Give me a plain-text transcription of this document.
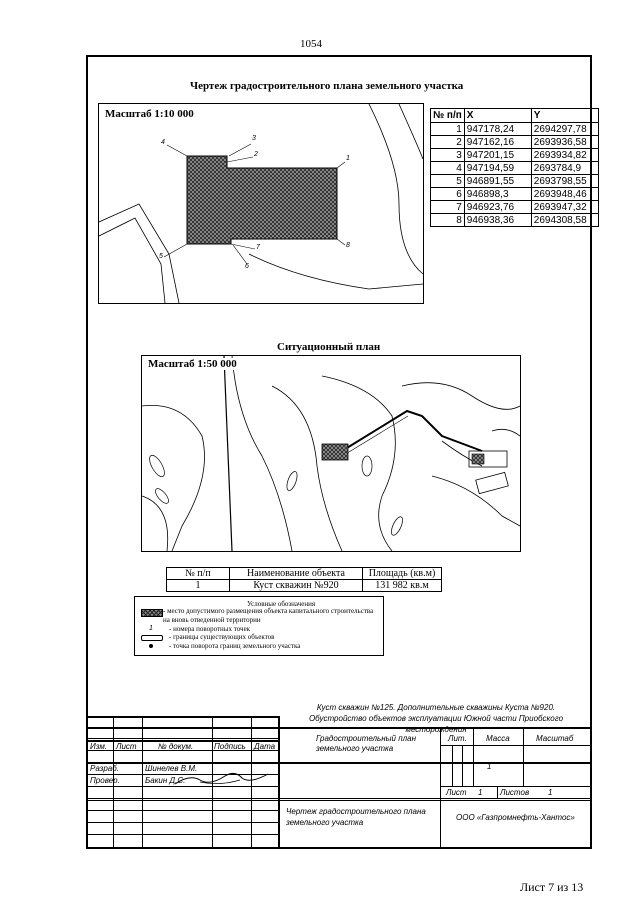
1054
Чертеж градостроительного плана земельного участка
Масштаб 1:10 000
1
2
3
4
5
6
7	8
№ п/п	X	Y
1	947178,24	2694297,78
2	947162,16	2693936,58
3	947201,15	2693934,82
4	947194,59	2693784,9
5	946891,55	2693798,55
6	946898,3	2693948,46
7	946923,76	2693947,32
8	946938,36	2694308,58
Ситуационный план
Масштаб 1:50 000
№ п/п	Наименование объекта	Площадь (кв.м)
1	Куст скважин №920	131 982 кв.м
Условные обозначения
- место допустимого размещения объекта капитального строительства на вновь отведенной территории
1 - номера поворотных точек
- границы существующих объектов
- точка поворота границ земельного участка
Куст скважин №125. Дополнительные скважины Куста №920. Обустройство объектов эксплуатации Южной части Приобского месторождения
Изм. Лист	№ докум.	Подпись Дата
Разраб.	Шинелев В.М.
Провер.	Бакин Д.С.
Градостроительный план земельного участка
Лит. Масса	Масштаб
1
Лист 1 Листов 1
Чертеж градостроительного плана земельного участка
ООО «Газпромнефть-Хантос»
Лист 7 из 13
